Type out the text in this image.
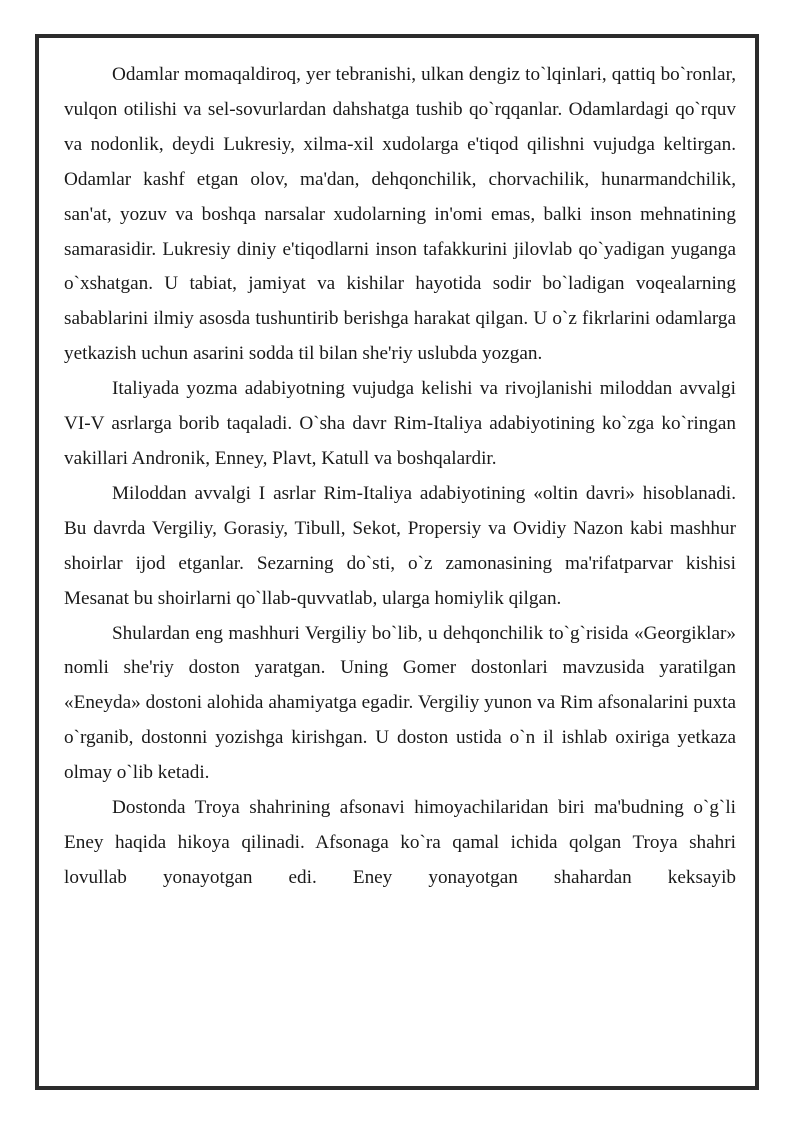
Odamlar momaqaldiroq, yer tebranishi, ulkan dengiz to`lqinlari, qattiq bo`ronlar, vulqon otilishi va sel-sovurlardan dahshatga tushib qo`rqqanlar. Odamlardagi qo`rquv va nodonlik, deydi Lukresiy, xilma-xil xudolarga e'tiqod qilishni vujudga keltirgan. Odamlar kashf etgan olov, ma'dan, dehqonchilik, chorvachilik, hunarmandchilik, san'at, yozuv va boshqa narsalar xudolarning in'omi emas, balki inson mehnatining samarasidir. Lukresiy diniy e'tiqodlarni inson tafakkurini jilovlab qo`yadigan yuganga o`xshatgan. U tabiat, jamiyat va kishilar hayotida sodir bo`ladigan voqealarning sabablarini ilmiy asosda tushuntirib berishga harakat qilgan. U o`z fikrlarini odamlarga yetkazish uchun asarini sodda til bilan she'riy uslubda yozgan.

Italiyada yozma adabiyotning vujudga kelishi va rivojlanishi miloddan avvalgi VI-V asrlarga borib taqaladi. O`sha davr Rim-Italiya adabiyotining ko`zga ko`ringan vakillari Andronik, Enney, Plavt, Katull va boshqalardir.

Miloddan avvalgi I asrlar Rim-Italiya adabiyotining «oltin davri» hisoblanadi. Bu davrda Vergiliy, Gorasiy, Tibull, Sekot, Propersiy va Ovidiy Nazon kabi mashhur shoirlar ijod etganlar. Sezarning do`sti, o`z zamonasining ma'rifatparvar kishisi Mesanat bu shoirlarni qo`llab-quvvatlab, ularga homiylik qilgan.

Shulardan eng mashhuri Vergiliy bo`lib, u dehqonchilik to`g`risida «Georgiklar» nomli she'riy doston yaratgan. Uning Gomer dostonlari mavzusida yaratilgan «Eneyda» dostoni alohida ahamiyatga egadir. Vergiliy yunon va Rim afsonalarini puxta o`rganib, dostonni yozishga kirishgan. U doston ustida o`n il ishlab oxiriga yetkaza olmay o`lib ketadi.

Dostonda Troya shahrining afsonavi himoyachilaridan biri ma'budning o`g`li Eney haqida hikoya qilinadi. Afsonaga ko`ra qamal ichida qolgan Troya shahri lovullab yonayotgan edi. Eney yonayotgan shahardan keksayib
